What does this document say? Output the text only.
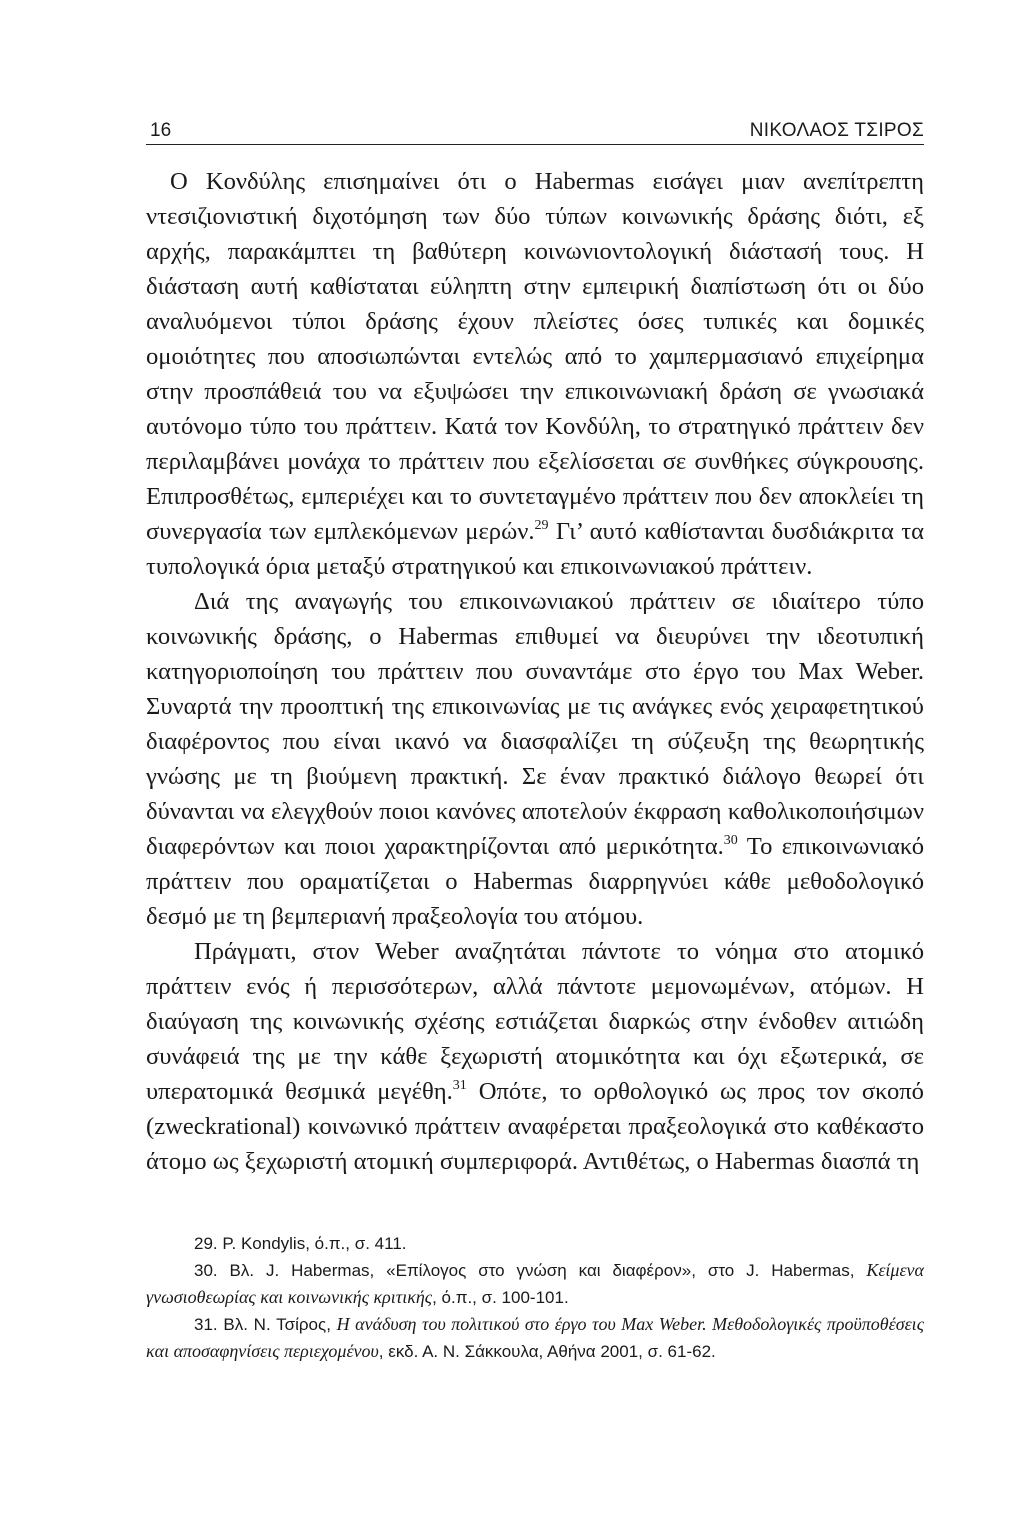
16	ΝΙΚΟΛΑΟΣ ΤΣΙΡΟΣ

Ο Κονδύλης επισημαίνει ότι ο Habermas εισάγει μιαν ανεπίτρεπτη ντεσιζιονιστική διχοτόμηση των δύο τύπων κοινωνικής δράσης διότι, εξ αρχής, παρακάμπτει τη βαθύτερη κοινωνιοντολογική διάστασή τους. Η διάσταση αυτή καθίσταται εύληπτη στην εμπειρική διαπίστωση ότι οι δύο αναλυόμενοι τύποι δράσης έχουν πλείστες όσες τυπικές και δομικές ομοιότητες που αποσιωπώνται εντελώς από το χαμπερμασιανό επιχείρημα στην προσπάθειά του να εξυψώσει την επικοινωνιακή δράση σε γνωσιακά αυτόνομο τύπο του πράττειν. Κατά τον Κονδύλη, το στρατηγικό πράττειν δεν περιλαμβάνει μονάχα το πράττειν που εξελίσσεται σε συνθήκες σύγκρουσης. Επιπροσθέτως, εμπεριέχει και το συντεταγμένο πράττειν που δεν αποκλείει τη συνεργασία των εμπλεκόμενων μερών.$^{29}$ Γι’ αυτό καθίστανται δυσδιάκριτα τα τυπολογικά όρια μεταξύ στρατηγικού και επικοινωνιακού πράττειν.

Διά της αναγωγής του επικοινωνιακού πράττειν σε ιδιαίτερο τύπο κοινωνικής δράσης, ο Habermas επιθυμεί να διευρύνει την ιδεοτυπική κατηγοριοποίηση του πράττειν που συναντάμε στο έργο του Max Weber. Συναρτά την προοπτική της επικοινωνίας με τις ανάγκες ενός χειραφετητικού διαφέροντος που είναι ικανό να διασφαλίζει τη σύζευξη της θεωρητικής γνώσης με τη βιούμενη πρακτική. Σε έναν πρακτικό διάλογο θεωρεί ότι δύνανται να ελεγχθούν ποιοι κανόνες αποτελούν έκφραση καθολικοποιήσιμων διαφερόντων και ποιοι χαρακτηρίζονται από μερικότητα.$^{30}$ Το επικοινωνιακό πράττειν που οραματίζεται ο Habermas διαρρηγνύει κάθε μεθοδολογικό δεσμό με τη βεμπεριανή πραξεολογία του ατόμου.

Πράγματι, στον Weber αναζητάται πάντοτε το νόημα στο ατομικό πράττειν ενός ή περισσότερων, αλλά πάντοτε μεμονωμένων, ατόμων. Η διαύγαση της κοινωνικής σχέσης εστιάζεται διαρκώς στην ένδοθεν αιτιώδη συνάφειά της με την κάθε ξεχωριστή ατομικότητα και όχι εξωτερικά, σε υπερατομικά θεσμικά μεγέθη.$^{31}$ Οπότε, το ορθολογικό ως προς τον σκοπό (zweckrational) κοινωνικό πράττειν αναφέρεται πραξεολογικά στο καθέκαστο άτομο ως ξεχωριστή ατομική συμπεριφορά. Αντιθέτως, ο Habermas διασπά τη

29. P. Kondylis, ό.π., σ. 411.

30. Βλ. J. Habermas, «Επίλογος στο γνώση και διαφέρον», στο J. Habermas, Κείμενα γνωσιοθεωρίας και κοινωνικής κριτικής, ό.π., σ. 100-101.

31. Βλ. Ν. Τσίρος, Η ανάδυση του πολιτικού στο έργο του Max Weber. Μεθοδολογικές προϋποθέσεις και αποσαφηνίσεις περιεχομένου, εκδ. Α. Ν. Σάκκουλα, Αθήνα 2001, σ. 61-62.
